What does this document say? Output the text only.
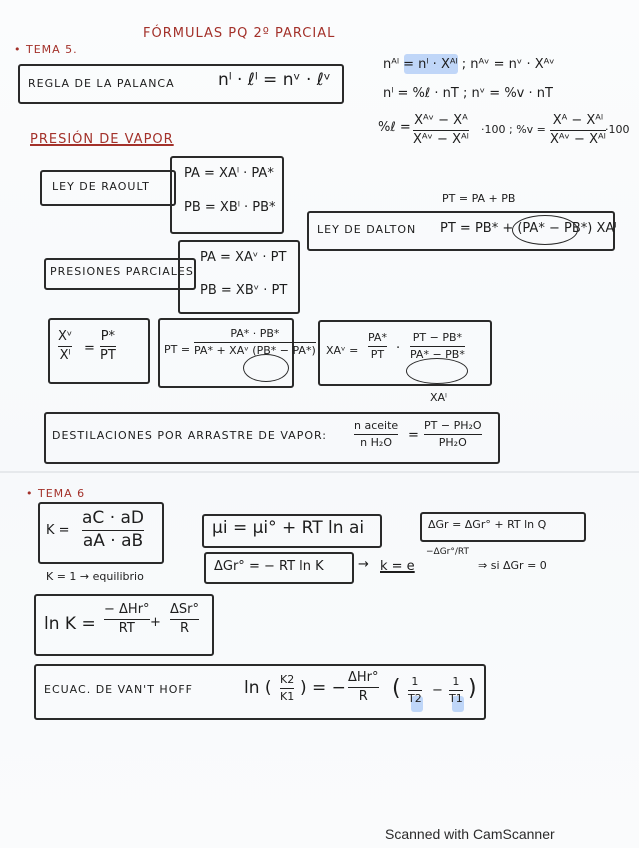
FÓRMULAS PQ 2º PARCIAL
• TEMA 5.
REGLA DE LA PALANCA	nˡ · ℓˡ = nᵛ · ℓᵛ
nᴬˡ = nˡ · Xᴬˡ ; nᴬᵛ = nᵛ · Xᴬᵛ
nˡ = %ℓ · nT ; nᵛ = %v · nT
%ℓ = Xᴬᵛ − Xᴬ
Xᴬᵛ − Xᴬˡ
·100 ; %v =
Xᴬ − Xᴬˡ
Xᴬᵛ − Xᴬˡ
·100
PRESIÓN DE VAPOR
LEY DE RAOULT
PA = XAˡ · PA*
PB = XBˡ · PB*
PT = PA + PB
LEY DE DALTON PT = PB* + (PA* − PB*) XAˡ
PRESIONES PARCIALES
PA = XAᵛ · PT
PB = XBᵛ · PT
Xᵛ
Xˡ =
P*
PT	PT =
PA* · PB*
PA* + XAᵛ (PB* − PA*) XAᵛ =
PA*
PT ·
PT − PB*
PA* − PB*
XAˡ
DESTILACIONES POR ARRASTRE DE VAPOR:
n aceite
n H₂O =
PT − PH₂O
PH₂O
• TEMA 6
K =
aC · aD
aA · aB
K = 1 → equilibrio
μi = μi° + RT ln ai	ΔGr = ΔGr° + RT ln Q
ΔGr° = − RT ln K	→ k = e
−ΔGr°/RT
⇒ si ΔGr = 0
ln K =
− ΔHr°
RT +
ΔSr°
R
ECUAC. DE VAN'T HOFF	ln ( K2
K1 ) = −
ΔHr°
R ( 1
T2
−
1
T1 )
Scanned with CamScanner
